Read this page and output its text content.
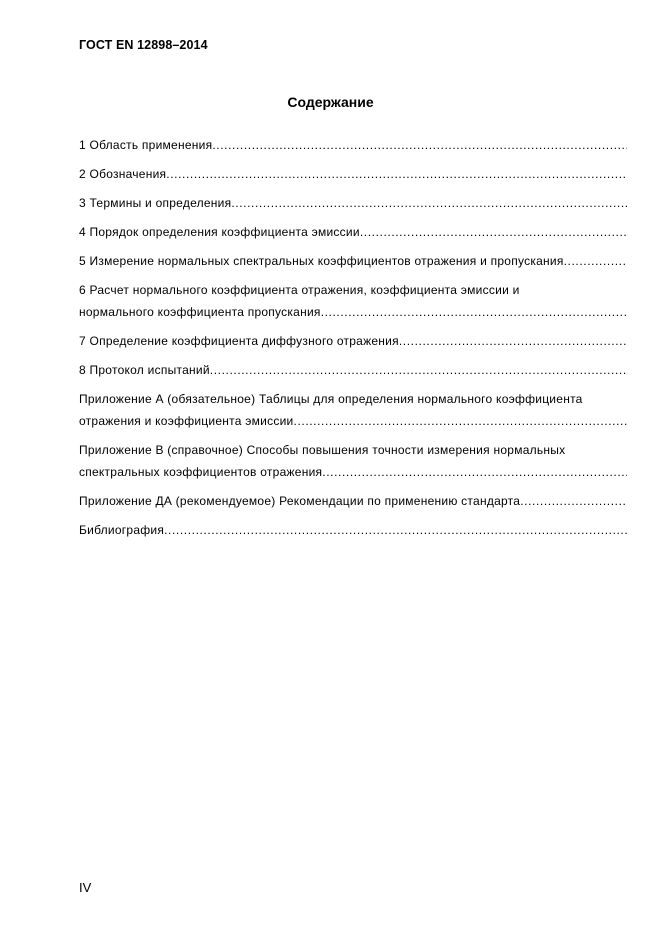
ГОСТ EN 12898–2014
Содержание
1 Область применения
.....
2 Обозначения
.....
3 Термины и определения
.....
4 Порядок определения коэффициента эмиссии
.....
5 Измерение нормальных спектральных коэффициентов отражения и пропускания
.....
6 Расчет нормального коэффициента отражения, коэффициента эмиссии и
нормального коэффициента пропускания
.....
7 Определение коэффициента диффузного отражения
.....
8 Протокол испытаний
.....
Приложение А (обязательное) Таблицы для определения нормального коэффициента
отражения и коэффициента эмиссии
.....
Приложение В (справочное) Способы повышения точности измерения нормальных
спектральных коэффициентов отражения
.....
Приложение ДА (рекомендуемое) Рекомендации по применению стандарта
.....
Библиография
.....
IV
